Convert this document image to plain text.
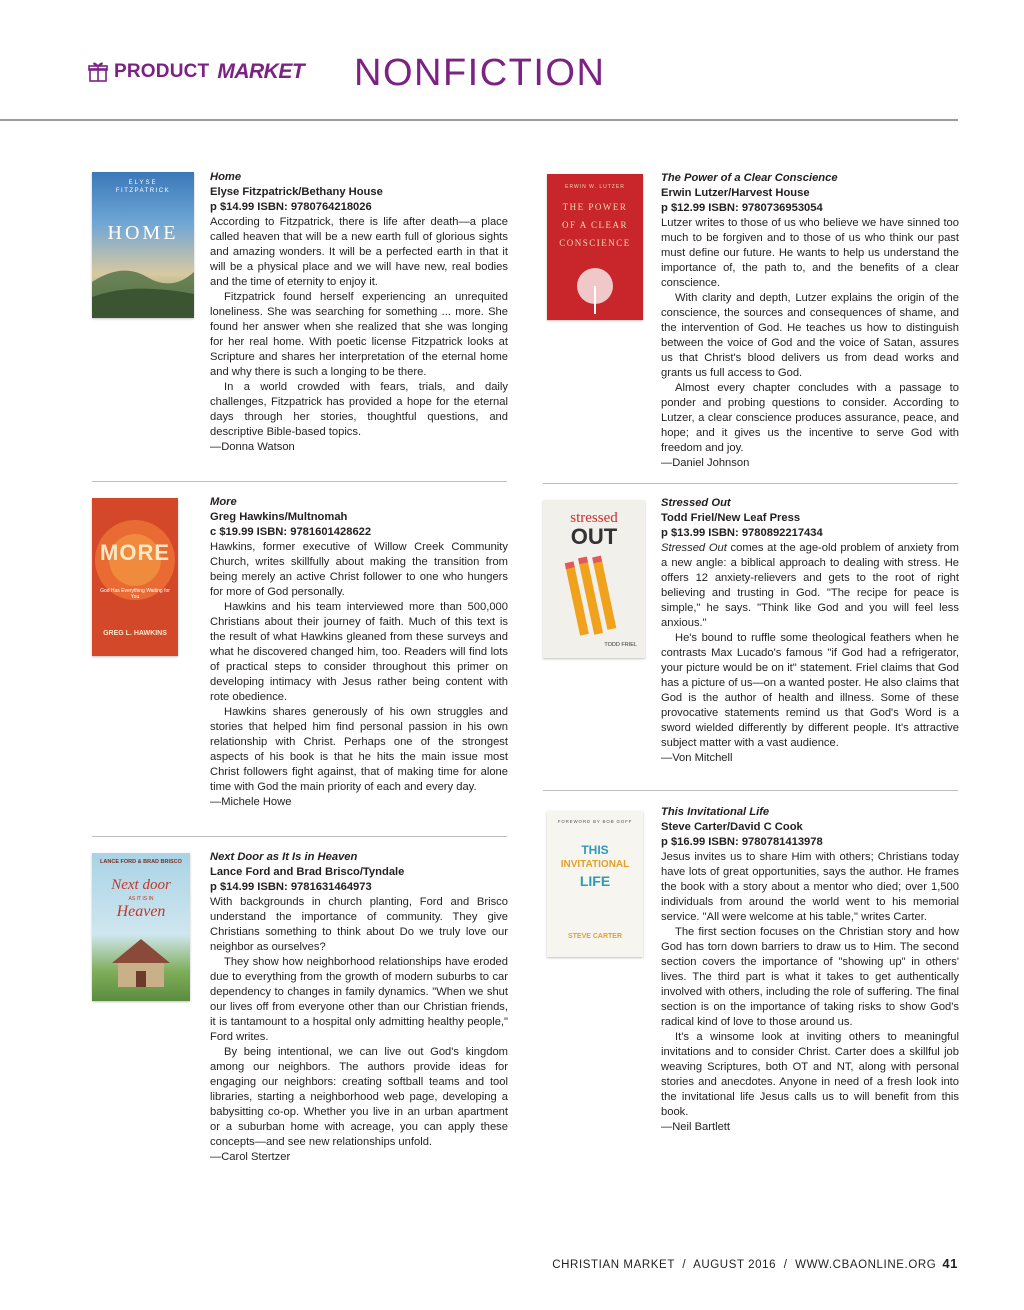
PRODUCT MARKET NONFICTION
ELYSE
FITZPATRICK
HOME

Home

Elyse Fitzpatrick/Bethany House

p $14.99 ISBN: 9780764218026

According to Fitzpatrick, there is life after death—a place called heaven that will be a new earth full of glorious sights and amazing wonders. It will be a perfected earth in that it will be a physical place and we will have new, real bodies and the time of eternity to enjoy it.

Fitzpatrick found herself experiencing an unrequited loneliness. She was searching for something ... more. She found her answer when she realized that she was longing for her real home. With poetic license Fitzpatrick looks at Scripture and shares her interpretation of the eternal home and why there is such a longing to be there.

In a world crowded with fears, trials, and daily challenges, Fitzpatrick has provided a hope for the eternal days through her stories, thoughtful questions, and descriptive Bible-based topics.

—Donna Watson

MORE
God Has Everything Waiting for You
GREG L. HAWKINS

More

Greg Hawkins/Multnomah

c $19.99 ISBN: 9781601428622

Hawkins, former executive of Willow Creek Community Church, writes skillfully about making the transition from being merely an active Christ follower to one who hungers for more of God personally.

Hawkins and his team interviewed more than 500,000 Christians about their journey of faith. Much of this text is the result of what Hawkins gleaned from these surveys and what he discovered changed him, too. Readers will find lots of practical steps to consider throughout this primer on developing intimacy with Jesus rather being content with rote obedience.

Hawkins shares generously of his own struggles and stories that helped him find personal passion in his own relationship with Christ. Perhaps one of the strongest aspects of his book is that he hits the main issue most Christ followers fight against, that of making time for alone time with God the main priority of each and every day.

—Michele Howe

LANCE FORD & BRAD BRISCO
Next door
AS IT IS IN
Heaven

Next Door as It Is in Heaven

Lance Ford and Brad Brisco/Tyndale

p $14.99 ISBN: 9781631464973

With backgrounds in church planting, Ford and Brisco understand the importance of community. They give Christians something to think about Do we truly love our neighbor as ourselves?

They show how neighborhood relationships have eroded due to everything from the growth of modern suburbs to car dependency to changes in family dynamics. "When we shut our lives off from everyone other than our Christian friends, it is tantamount to a hospital only admitting healthy people," Ford writes.

By being intentional, we can live out God's kingdom among our neighbors. The authors provide ideas for engaging our neighbors: creating softball teams and tool libraries, starting a neighborhood web page, developing a babysitting co-op. Whether you live in an urban apartment or a suburban home with acreage, you can apply these concepts—and see new relationships unfold.

—Carol Stertzer

ERWIN W. LUTZER
THE POWER
OF A CLEAR
CONSCIENCE

The Power of a Clear Conscience

Erwin Lutzer/Harvest House

p $12.99 ISBN: 9780736953054

Lutzer writes to those of us who believe we have sinned too much to be forgiven and to those of us who think our past must define our future. He wants to help us understand the importance of, the path to, and the benefits of a clear conscience.

With clarity and depth, Lutzer explains the origin of the conscience, the sources and consequences of shame, and the intervention of God. He teaches us how to distinguish between the voice of God and the voice of Satan, assures us that Christ's blood delivers us from dead works and grants us full access to God.

Almost every chapter concludes with a passage to ponder and probing questions to consider. According to Lutzer, a clear conscience produces assurance, peace, and hope; and it gives us the incentive to serve God with freedom and joy.

—Daniel Johnson

stressed
OUT
TODD FRIEL

Stressed Out

Todd Friel/New Leaf Press

p $13.99 ISBN: 9780892217434

Stressed Out comes at the age-old problem of anxiety from a new angle: a biblical approach to dealing with stress. He offers 12 anxiety-relievers and gets to the root of right believing and trusting in God. "The recipe for peace is simple," he says. "Think like God and you will feel less anxious."

He's bound to ruffle some theological feathers when he contrasts Max Lucado's famous "if God had a refrigerator, your picture would be on it" statement. Friel claims that God has a picture of us—on a wanted poster. He also claims that God is the author of health and illness. Some of these provocative statements remind us that God's Word is a sword wielded differently by different people. It's attractive subject matter with a vast audience.

—Von Mitchell

FOREWORD BY BOB GOFF
THIS
INVITATIONAL
LIFE
STEVE CARTER

This Invitational Life

Steve Carter/David C Cook

p $16.99 ISBN: 9780781413978

Jesus invites us to share Him with others; Christians today have lots of great opportunities, says the author. He frames the book with a story about a mentor who died; over 1,500 individuals from around the world went to his memorial service. "All were welcome at his table," writes Carter.

The first section focuses on the Christian story and how God has torn down barriers to draw us to Him. The second section covers the importance of "showing up" in others' lives. The third part is what it takes to get authentically involved with others, including the role of suffering. The final section is on the importance of taking risks to show God's radical kind of love to those around us.

It's a winsome look at inviting others to meaningful invitations and to consider Christ. Carter does a skillful job weaving Scriptures, both OT and NT, along with personal stories and anecdotes. Anyone in need of a fresh look into the invitational life Jesus calls us to will benefit from this book.

—Neil Bartlett

CHRISTIAN MARKET  /  AUGUST 2016  /  WWW.CBAONLINE.ORG 41
